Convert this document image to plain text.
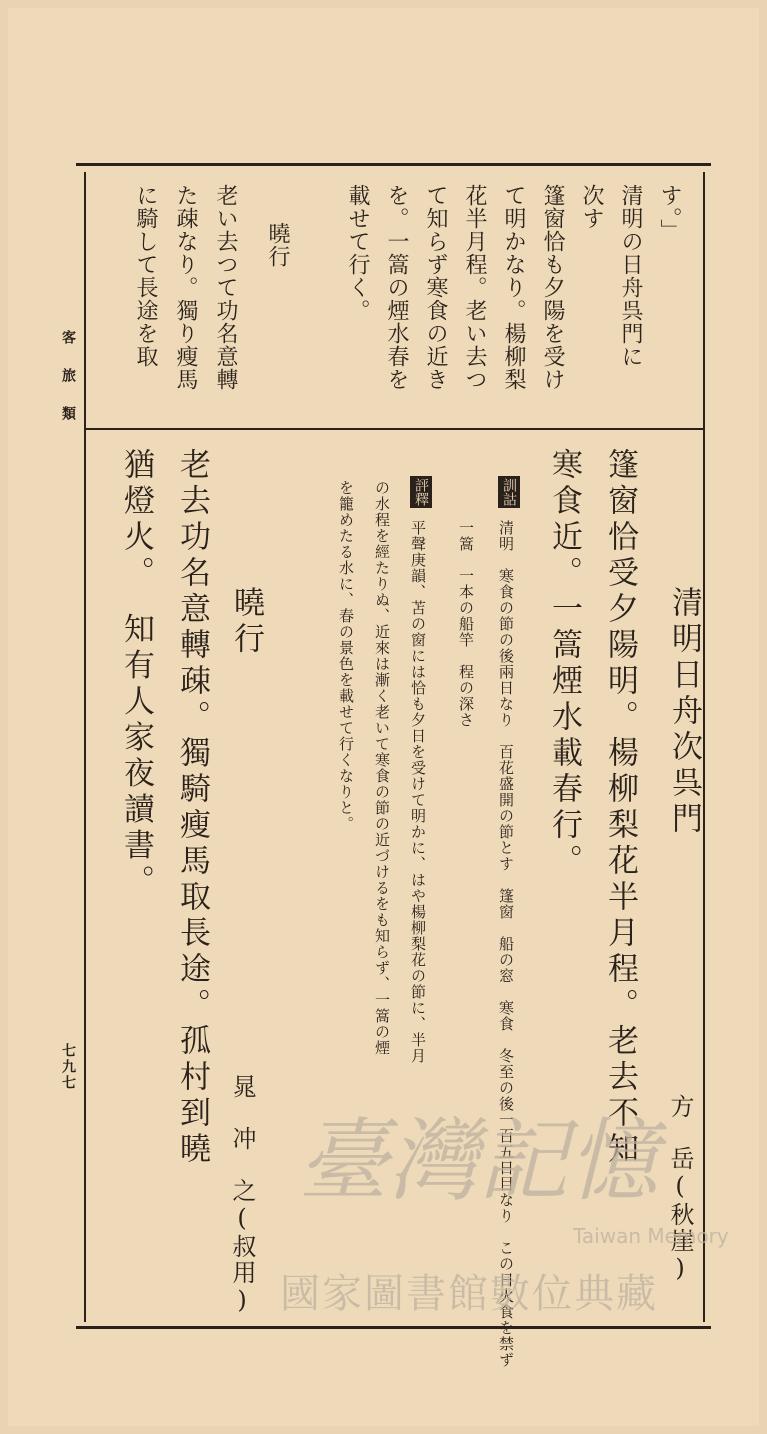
客旅類
七九七
す。」
清明の日舟呉門に
次す
篷窗恰も夕陽を受け
て明かなり。楊柳梨
花半月程。老い去つ
て知らず寒食の近き
を。一篙の煙水春を
載せて行く。
曉行
老い去つて功名意轉
た疎なり。獨り瘦馬
に騎して長途を取
清明日舟次呉門
方　岳(秋崖)
篷窗恰受夕陽明。楊柳梨花半月程。老去不知
寒食近。一篙煙水載春行。
訓詁
清明　寒食の節の後兩日なり　百花盛開の節とす　篷窗　船の窓　寒食　冬至の後一百五日目なり　この日火食を禁ず
一篙　一本の船竿　程の深さ
評釋
平聲庚韻、苫の窗には恰も夕日を受けて明かに、はや楊柳梨花の節に、半月
の水程を經たりぬ、近來は漸く老いて寒食の節の近づけるをも知らず、一篙の煙
を籠めたる水に、春の景色を載せて行くなりと。
曉行
晁　冲　之(叔用)
老去功名意轉疎。獨騎瘦馬取長途。孤村到曉
猶燈火。　知有人家夜讀書。
臺灣記憶
Taiwan Memory
國家圖書館數位典藏
